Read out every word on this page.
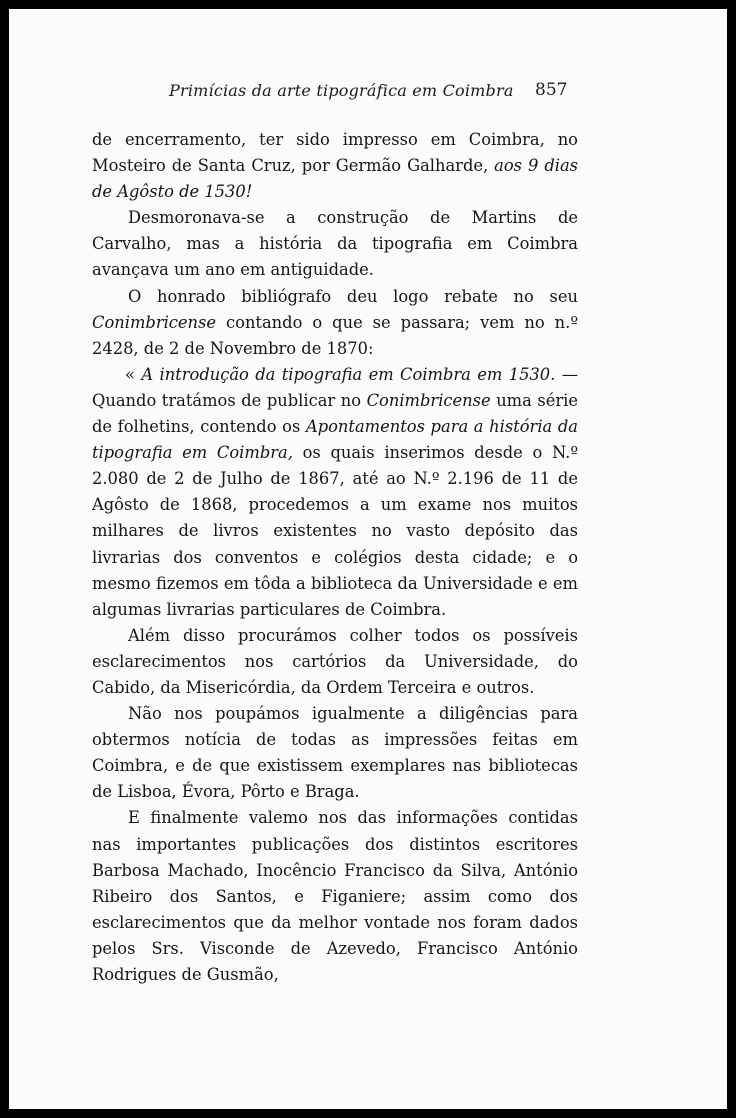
Primícias da arte tipográfica em Coimbra 857

de encerramento, ter sido impresso em Coimbra, no Mosteiro de Santa Cruz, por Germão Galharde, aos 9 dias de Agôsto de 1530!

Desmoronava-se a construção de Martins de Carvalho, mas a história da tipografia em Coimbra avançava um ano em antiguidade.

O honrado bibliógrafo deu logo rebate no seu Conimbricense contando o que se passara; vem no n.º 2428, de 2 de Novembro de 1870:

« A introdução da tipografia em Coimbra em 1530. — Quando tratámos de publicar no Conimbricense uma série de folhetins, contendo os Apontamentos para a história da tipografia em Coimbra, os quais inserimos desde o N.º 2.080 de 2 de Julho de 1867, até ao N.º 2.196 de 11 de Agôsto de 1868, procedemos a um exame nos muitos milhares de livros existentes no vasto depósito das livrarias dos conventos e colégios desta cidade; e o mesmo fizemos em tôda a biblioteca da Universidade e em algumas livrarias particulares de Coimbra.

Além disso procurámos colher todos os possíveis esclarecimentos nos cartórios da Universidade, do Cabido, da Misericórdia, da Ordem Terceira e outros.

Não nos poupámos igualmente a diligências para obtermos notícia de todas as impressões feitas em Coimbra, e de que existissem exemplares nas bibliotecas de Lisboa, Évora, Pôrto e Braga.

E finalmente valemo nos das informações contidas nas importantes publicações dos distintos escritores Barbosa Machado, Inocêncio Francisco da Silva, António Ribeiro dos Santos, e Figaniere; assim como dos esclarecimentos que da melhor vontade nos foram dados pelos Srs. Visconde de Azevedo, Francisco António Rodrigues de Gusmão,
